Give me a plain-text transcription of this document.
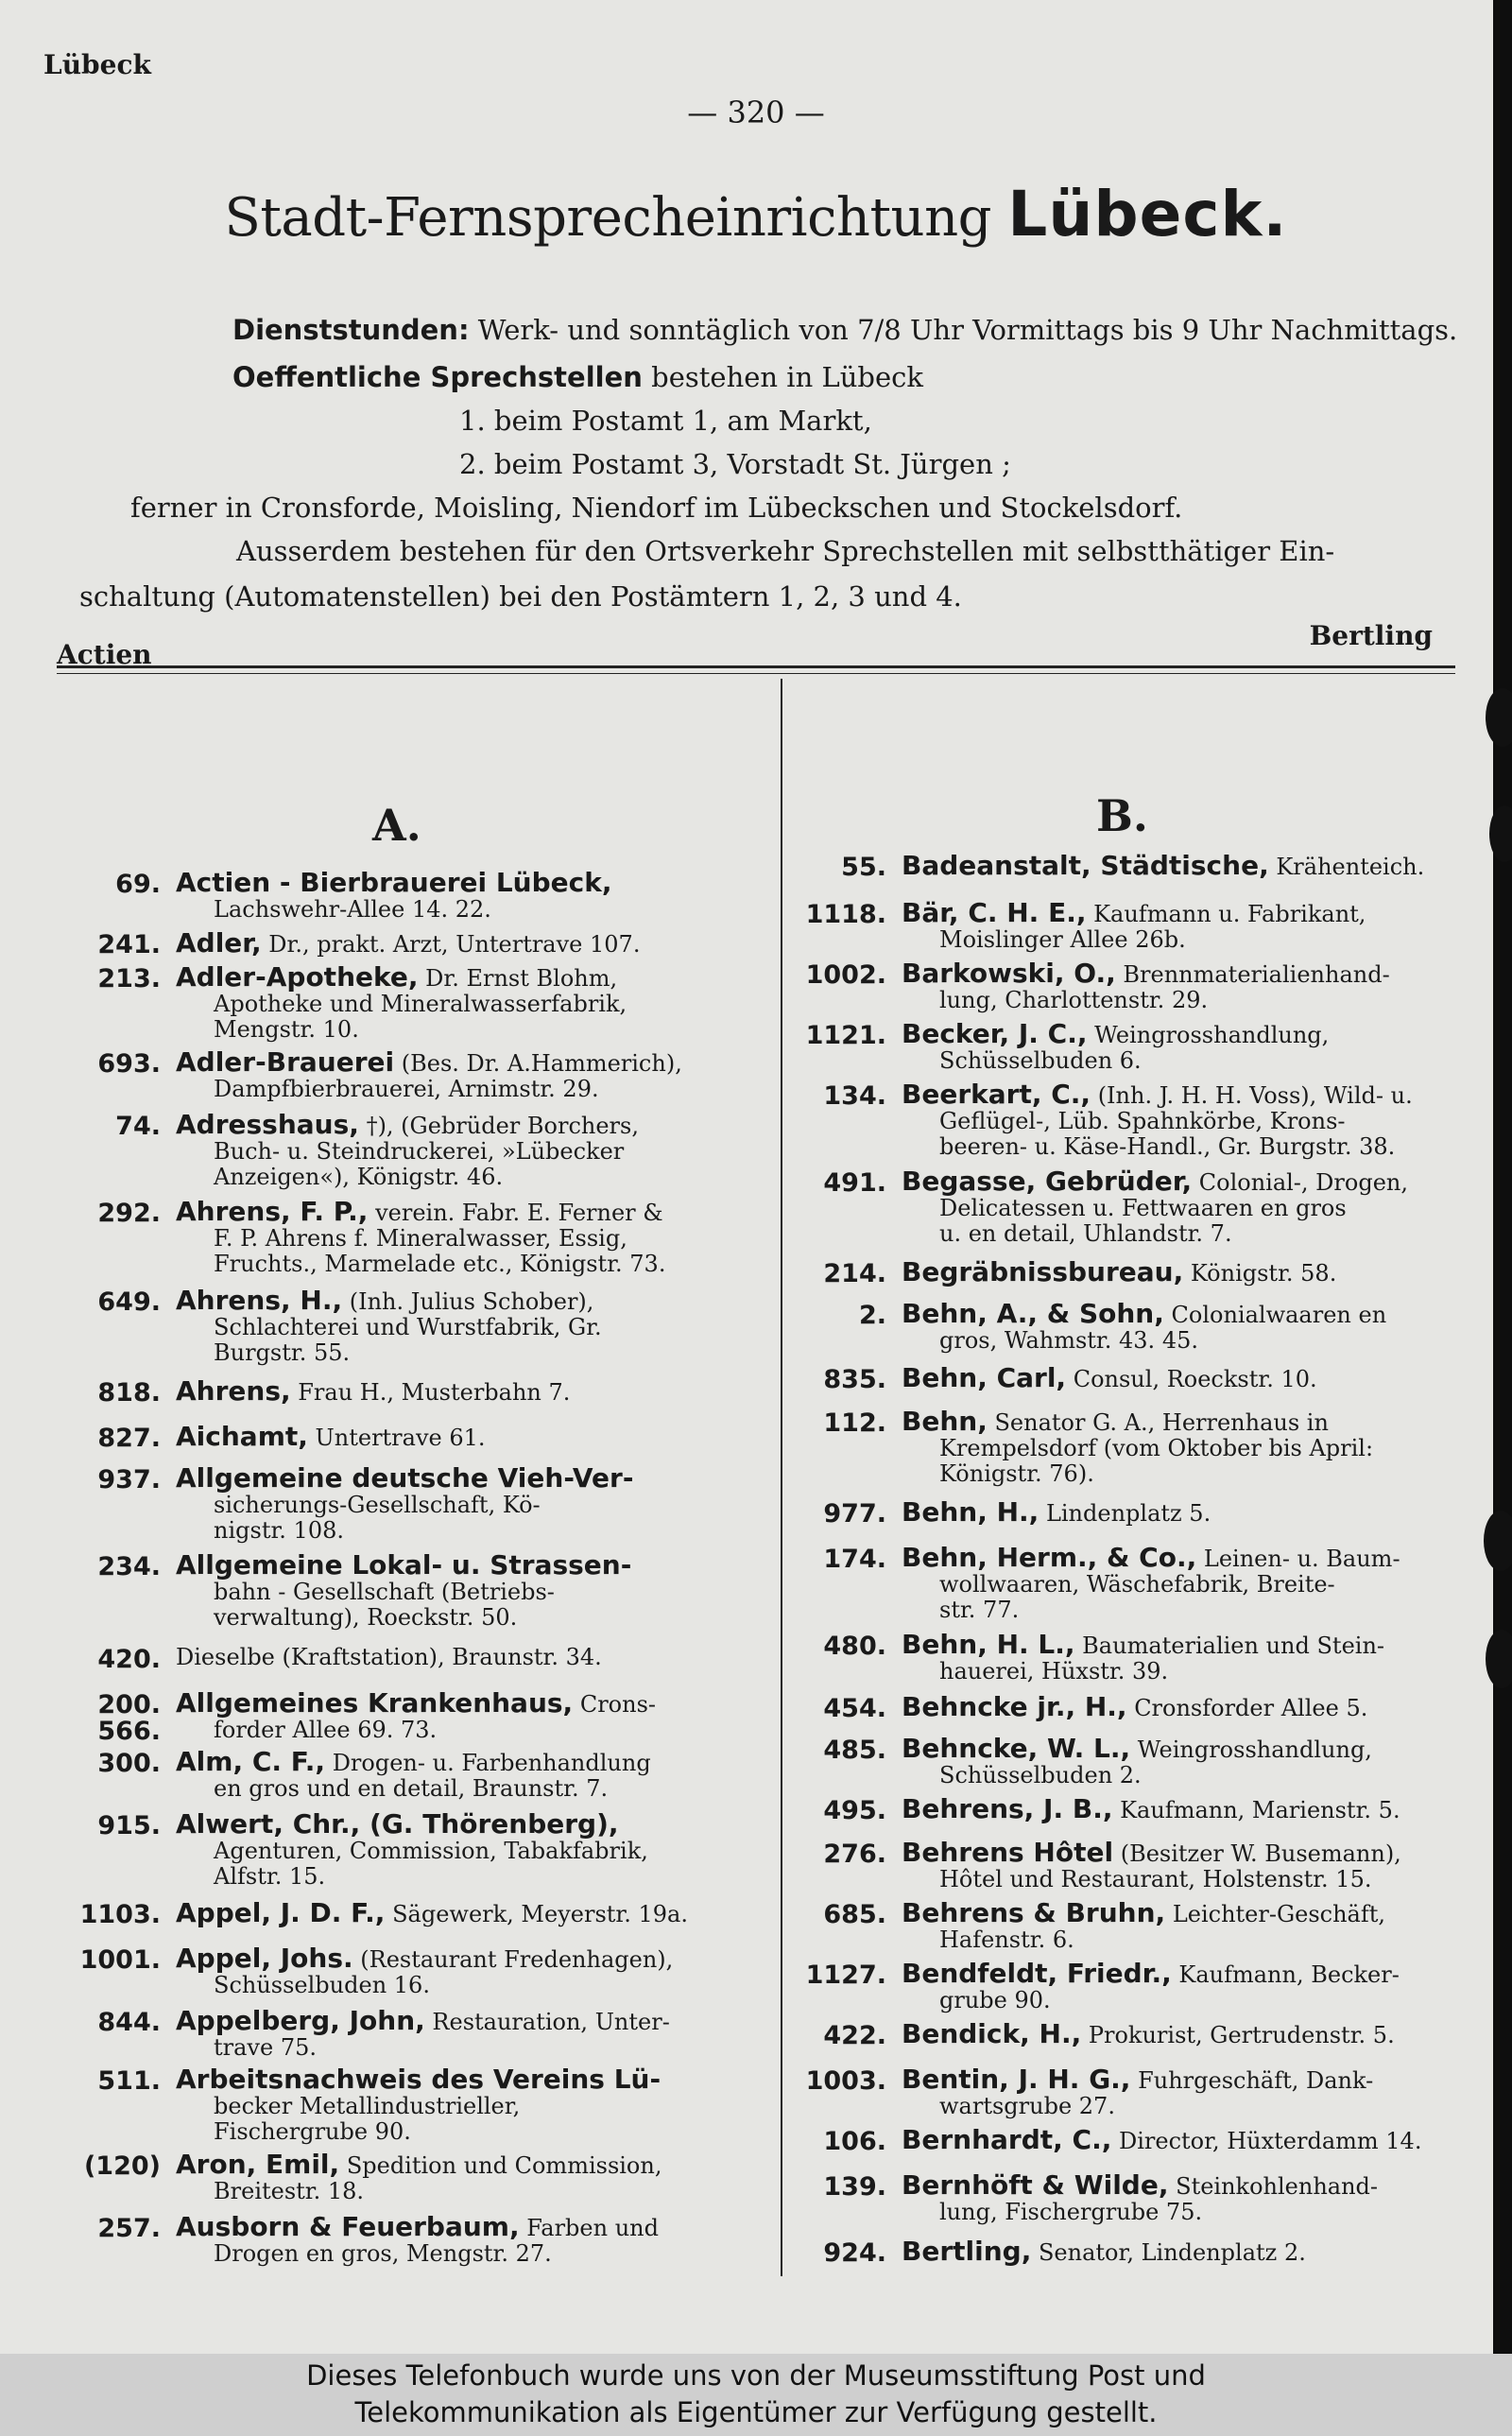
Lübeck
— 320 —
Stadt-Fernsprecheinrichtung Lübeck.
Dienststunden: Werk- und sonntäglich von 7/8 Uhr Vormittags bis 9 Uhr Nachmittags.
Oeffentliche Sprechstellen bestehen in Lübeck
1. beim Postamt 1, am Markt,
2. beim Postamt 3, Vorstadt St. Jürgen ;
ferner in Cronsforde, Moisling, Niendorf im Lübeckschen und Stockelsdorf.
Ausserdem bestehen für den Ortsverkehr Sprechstellen mit selbstthätiger Ein-
schaltung (Automatenstellen) bei den Postämtern 1, 2, 3 und 4.
Actien
Bertling
A.	B.
69. Actien - Bierbrauerei Lübeck,
Lachswehr-Allee 14. 22.
241. Adler, Dr., prakt. Arzt, Untertrave 107.
213. Adler-Apotheke, Dr. Ernst Blohm,
Apotheke und Mineralwasserfabrik,
Mengstr. 10.
693. Adler-Brauerei (Bes. Dr. A.Hammerich),
Dampfbierbrauerei, Arnimstr. 29.
74. Adresshaus, †), (Gebrüder Borchers,
Buch- u. Steindruckerei, »Lübecker
Anzeigen«), Königstr. 46.
292. Ahrens, F. P., verein. Fabr. E. Ferner &
F. P. Ahrens f. Mineralwasser, Essig,
Fruchts., Marmelade etc., Königstr. 73.
649. Ahrens, H., (Inh. Julius Schober),
Schlachterei und Wurstfabrik, Gr.
Burgstr. 55.
818. Ahrens, Frau H., Musterbahn 7.
827. Aichamt, Untertrave 61.
937. Allgemeine deutsche Vieh-Ver-
sicherungs-Gesellschaft, Kö-
nigstr. 108.
234. Allgemeine Lokal- u. Strassen-
bahn - Gesellschaft (Betriebs-
verwaltung), Roeckstr. 50.
420. Dieselbe (Kraftstation), Braunstr. 34.
200. 566.
Allgemeines Krankenhaus, Crons-
forder Allee 69. 73.
300. Alm, C. F., Drogen- u. Farbenhandlung
en gros und en detail, Braunstr. 7.
915. Alwert, Chr., (G. Thörenberg),
Agenturen, Commission, Tabakfabrik,
Alfstr. 15.
1103. Appel, J. D. F., Sägewerk, Meyerstr. 19a.
1001. Appel, Johs. (Restaurant Fredenhagen),
Schüsselbuden 16.
844. Appelberg, John, Restauration, Unter-
trave 75.
511. Arbeitsnachweis des Vereins Lü-
becker Metallindustrieller,
Fischergrube 90.
(120) Aron, Emil, Spedition und Commission,
Breitestr. 18.
257. Ausborn & Feuerbaum, Farben und
Drogen en gros, Mengstr. 27.
55. Badeanstalt, Städtische, Krähenteich.
1118. Bär, C. H. E., Kaufmann u. Fabrikant,
Moislinger Allee 26b.
1002. Barkowski, O., Brennmaterialienhand-
lung, Charlottenstr. 29.
1121. Becker, J. C., Weingrosshandlung,
Schüsselbuden 6.
134. Beerkart, C., (Inh. J. H. H. Voss), Wild- u.
Geflügel-, Lüb. Spahnkörbe, Krons-
beeren- u. Käse-Handl., Gr. Burgstr. 38.
491. Begasse, Gebrüder, Colonial-, Drogen,
Delicatessen u. Fettwaaren en gros
u. en detail, Uhlandstr. 7.
214. Begräbnissbureau, Königstr. 58.
2. Behn, A., & Sohn, Colonialwaaren en
gros, Wahmstr. 43. 45.
835. Behn, Carl, Consul, Roeckstr. 10.
112. Behn, Senator G. A., Herrenhaus in
Krempelsdorf (vom Oktober bis April:
Königstr. 76).
977. Behn, H., Lindenplatz 5.
174. Behn, Herm., & Co., Leinen- u. Baum-
wollwaaren, Wäschefabrik, Breite-
str. 77.
480. Behn, H. L., Baumaterialien und Stein-
hauerei, Hüxstr. 39.
454. Behncke jr., H., Cronsforder Allee 5.
485. Behncke, W. L., Weingrosshandlung,
Schüsselbuden 2.
495. Behrens, J. B., Kaufmann, Marienstr. 5.
276. Behrens Hôtel (Besitzer W. Busemann),
Hôtel und Restaurant, Holstenstr. 15.
685. Behrens & Bruhn, Leichter-Geschäft,
Hafenstr. 6.
1127. Bendfeldt, Friedr., Kaufmann, Becker-
grube 90.
422. Bendick, H., Prokurist, Gertrudenstr. 5.
1003. Bentin, J. H. G., Fuhrgeschäft, Dank-
wartsgrube 27.
106. Bernhardt, C., Director, Hüxterdamm 14.
139. Bernhöft & Wilde, Steinkohlenhand-
lung, Fischergrube 75.
924. Bertling, Senator, Lindenplatz 2.
Dieses Telefonbuch wurde uns von der Museumsstiftung Post und
Telekommunikation als Eigentümer zur Verfügung gestellt.
